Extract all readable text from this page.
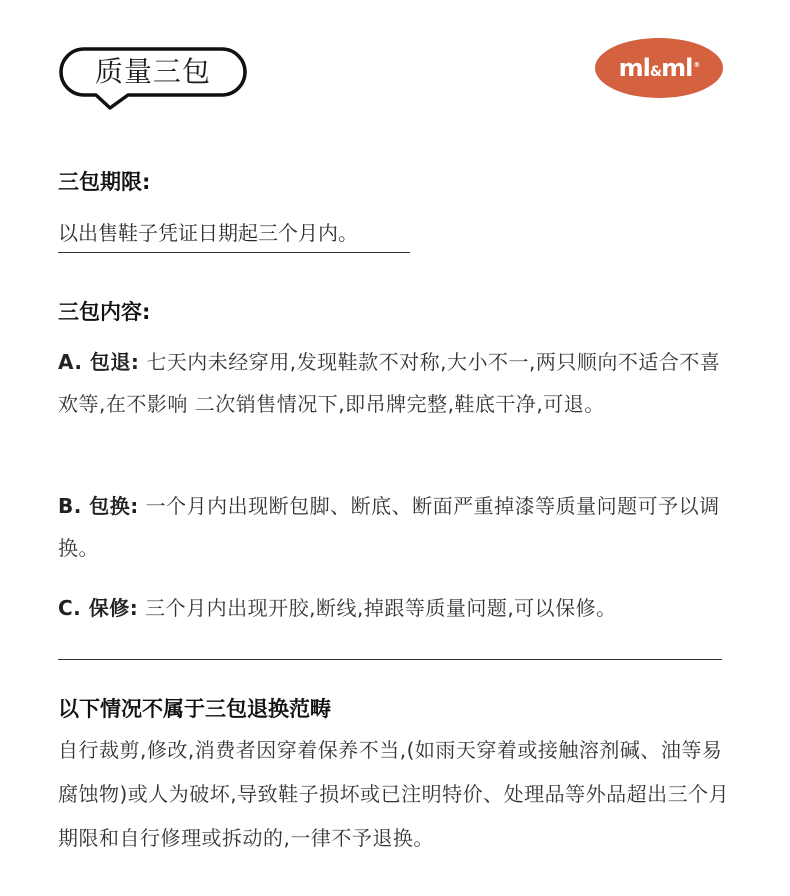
质量三包	ml&ml®
三包期限:
以出售鞋子凭证日期起三个月内。
三包内容:
A. 包退: 七天内未经穿用,发现鞋款不对称,大小不一,两只顺向不适合不喜欢等,在不影响 二次销售情况下,即吊牌完整,鞋底干净,可退。
B. 包换: 一个月内出现断包脚、断底、断面严重掉漆等质量问题可予以调换。
C. 保修: 三个月内出现开胶,断线,掉跟等质量问题,可以保修。
以下情况不属于三包退换范畴
自行裁剪,修改,消费者因穿着保养不当,(如雨天穿着或接触溶剂碱、油等易腐蚀物)或人为破坏,导致鞋子损坏或已注明特价、处理品等外品超出三个月期限和自行修理或拆动的,一律不予退换。
